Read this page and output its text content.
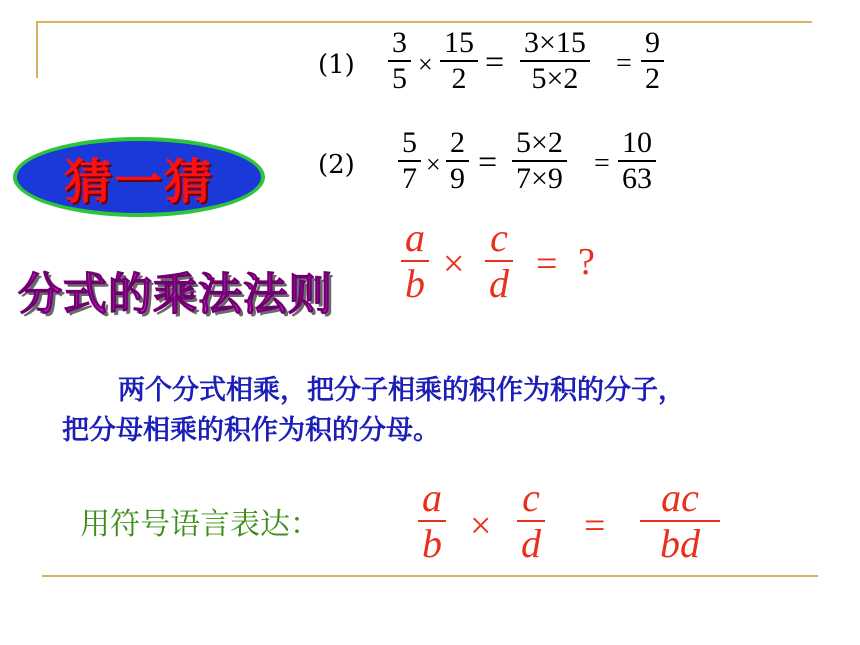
(1)
3
5 ×
15
2 =
3×15
5×2 =
9
2
(2)
5
7 ×
2
9 =
5×2
7×9 =
10
63
猜一猜
分式的乘法法则
a
b ×
c
d = ?
两个分式相乘，把分子相乘的积作为积的分子，
把分母相乘的积作为积的分母。
用符号语言表达：
a
b ×
c
d =
ac
bd
